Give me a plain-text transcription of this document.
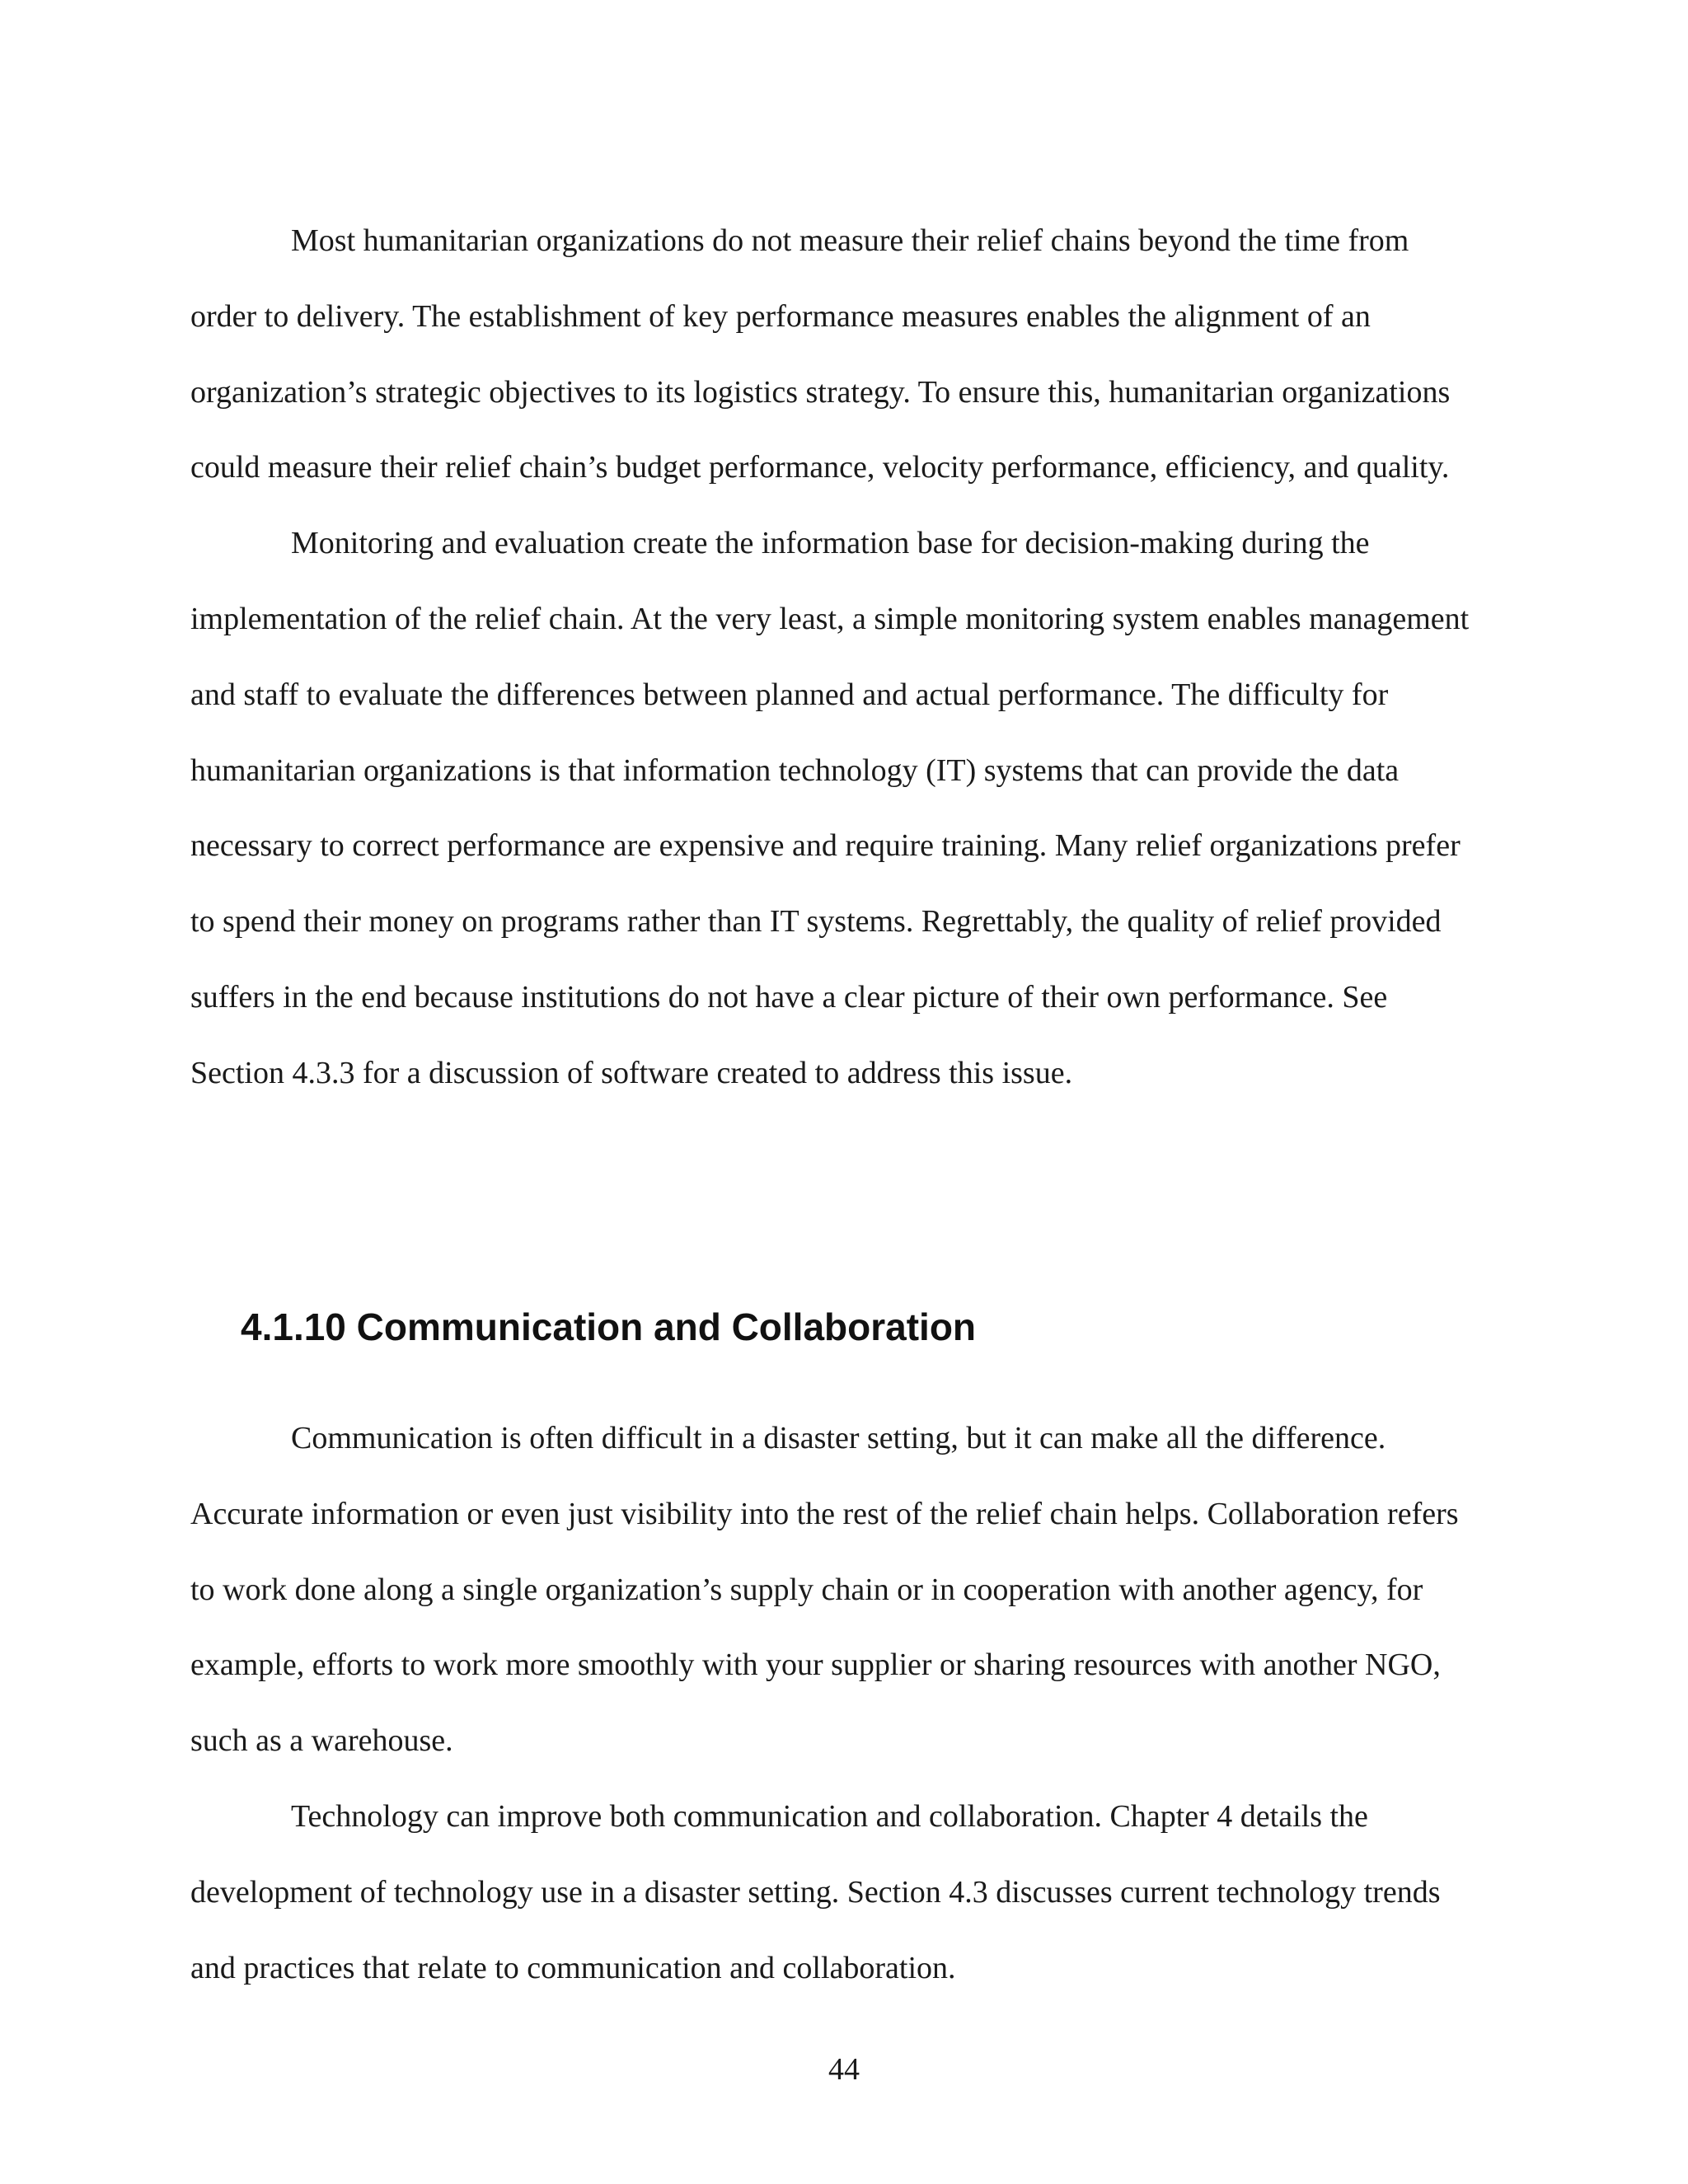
Most humanitarian organizations do not measure their relief chains beyond the time from order to delivery. The establishment of key performance measures enables the alignment of an organization’s strategic objectives to its logistics strategy. To ensure this, humanitarian organizations could measure their relief chain’s budget performance, velocity performance, efficiency, and quality.

Monitoring and evaluation create the information base for decision-making during the implementation of the relief chain. At the very least, a simple monitoring system enables management and staff to evaluate the differences between planned and actual performance. The difficulty for humanitarian organizations is that information technology (IT) systems that can provide the data necessary to correct performance are expensive and require training. Many relief organizations prefer to spend their money on programs rather than IT systems. Regrettably, the quality of relief provided suffers in the end because institutions do not have a clear picture of their own performance. See Section 4.3.3 for a discussion of software created to address this issue.

4.1.10 Communication and Collaboration

Communication is often difficult in a disaster setting, but it can make all the difference. Accurate information or even just visibility into the rest of the relief chain helps. Collaboration refers to work done along a single organization’s supply chain or in cooperation with another agency, for example, efforts to work more smoothly with your supplier or sharing resources with another NGO, such as a warehouse.

Technology can improve both communication and collaboration. Chapter 4 details the development of technology use in a disaster setting. Section 4.3 discusses current technology trends and practices that relate to communication and collaboration.

44
